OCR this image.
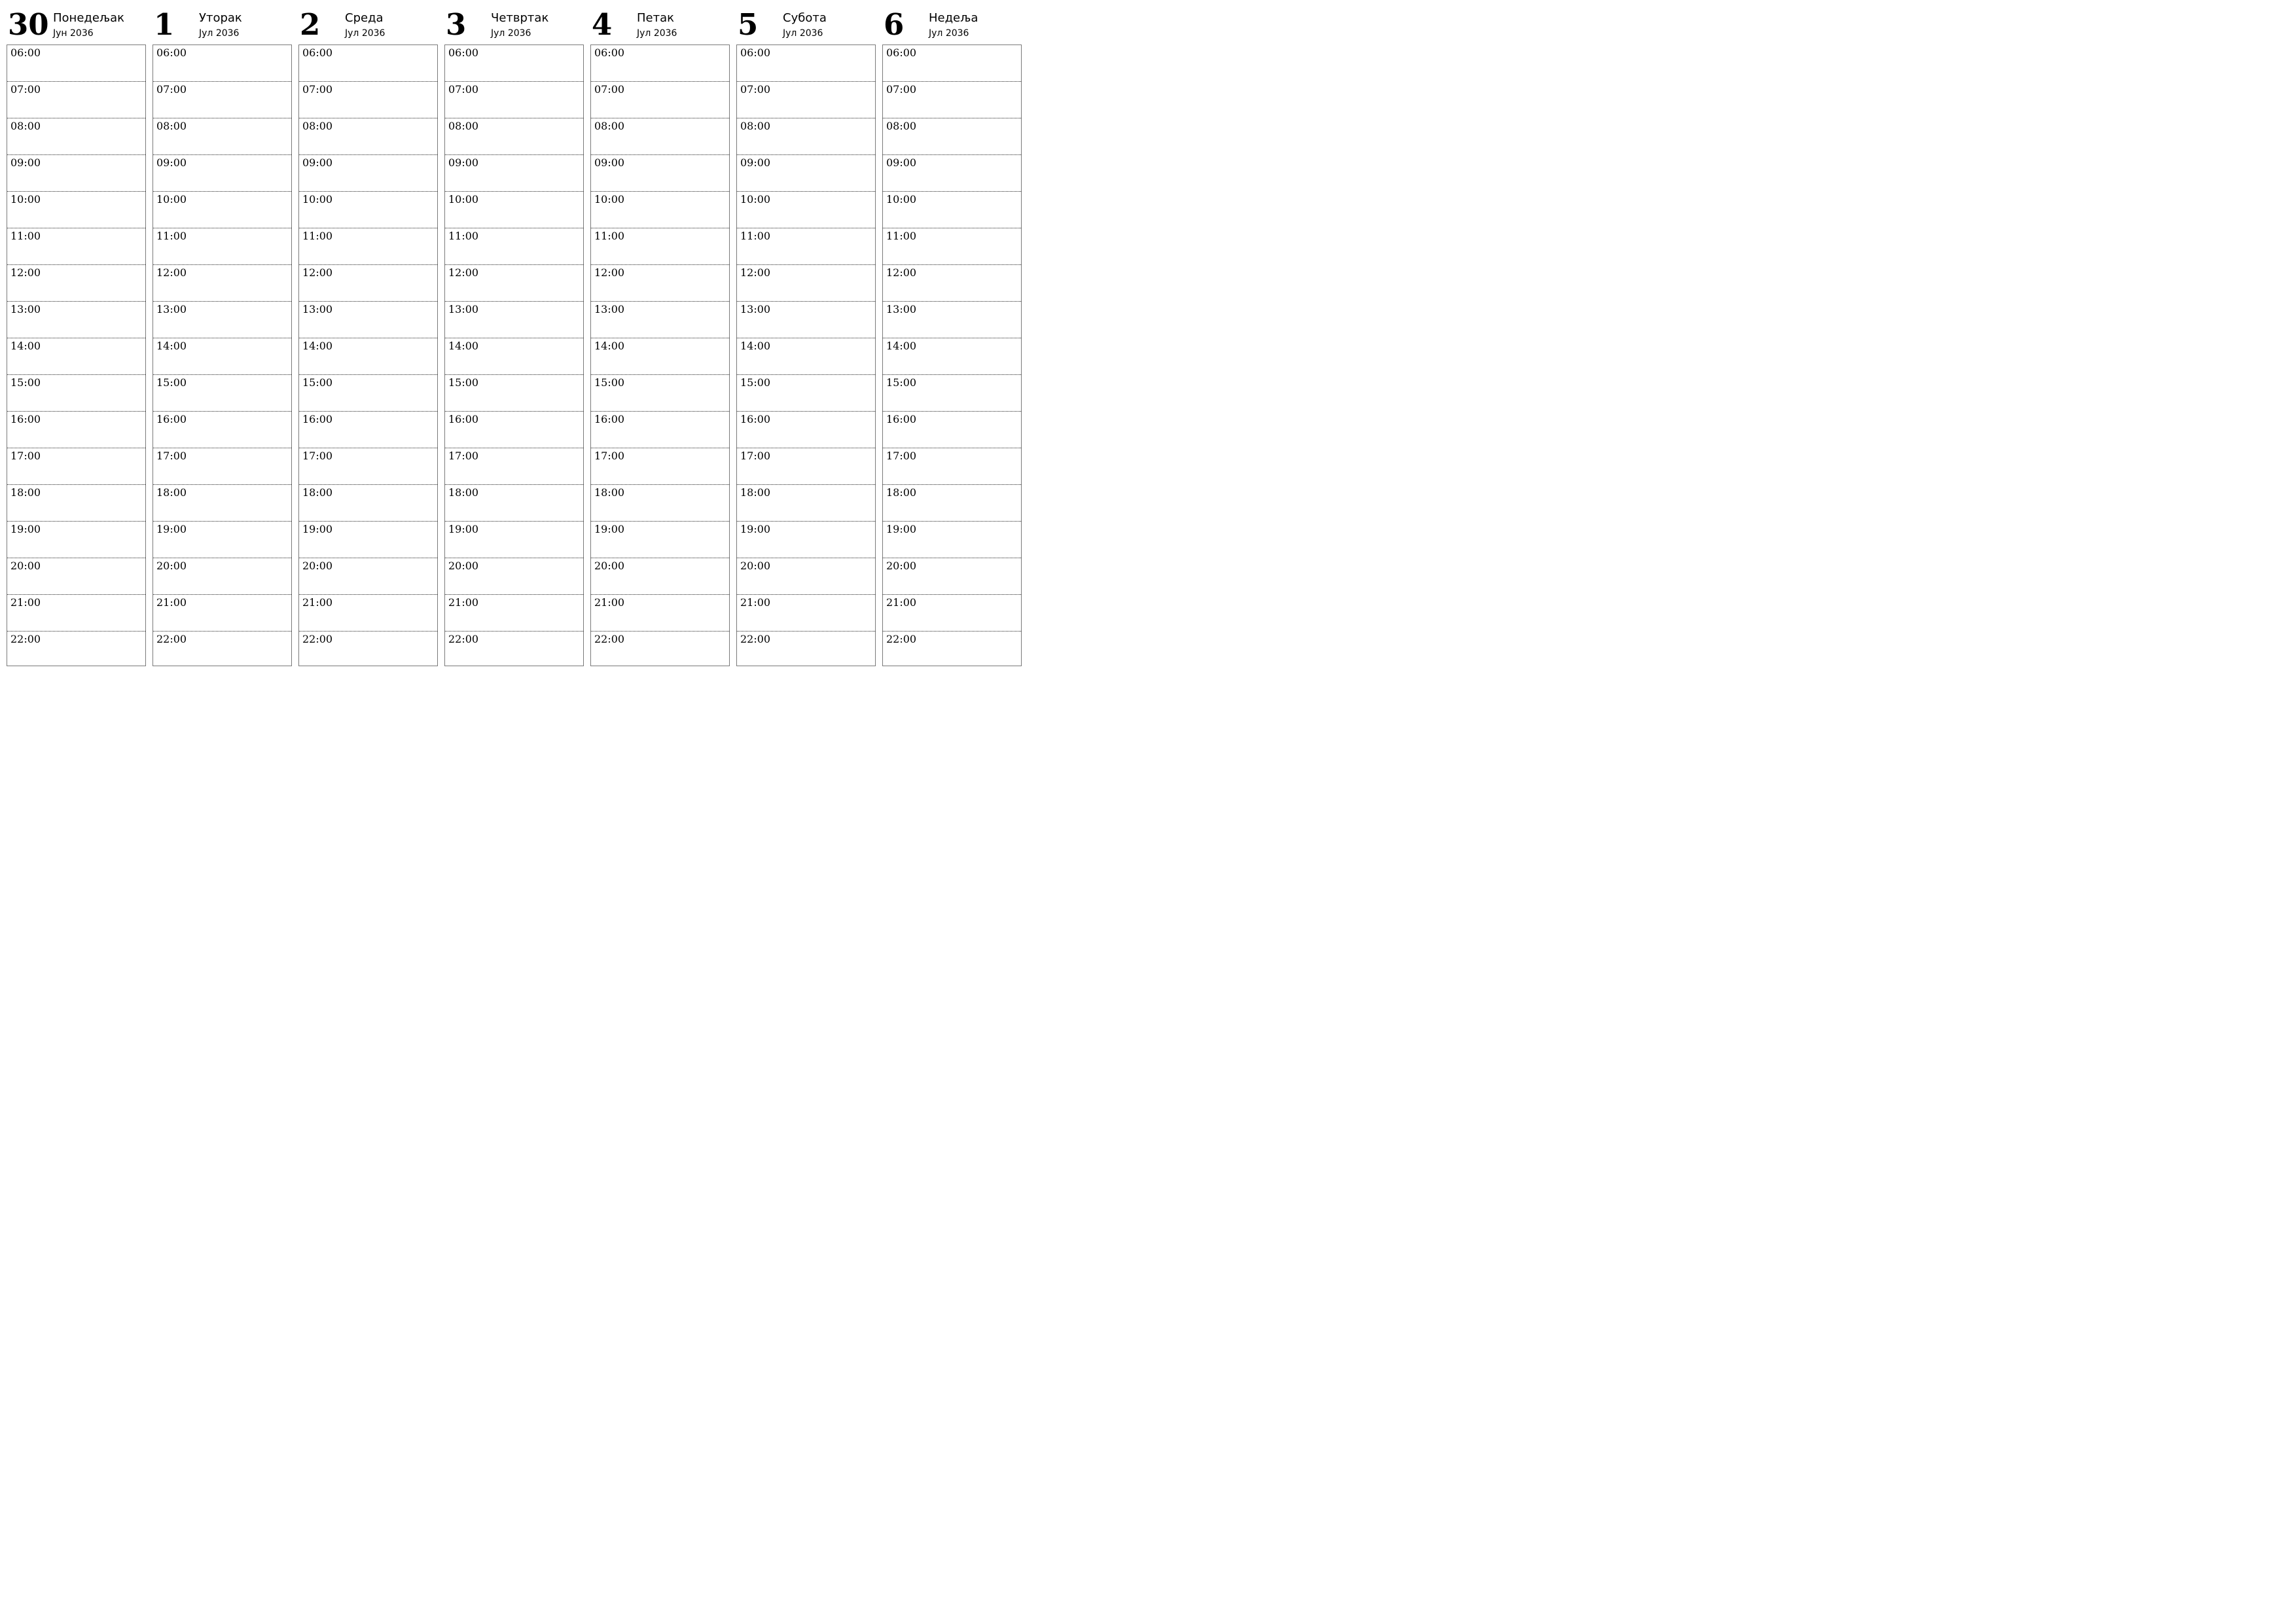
30 Понедељак
Јун 2036
06:00
07:00
08:00
09:00
10:00
11:00
12:00
13:00
14:00
15:00
16:00
17:00
18:00
19:00
20:00
21:00
22:00
1 Уторак
Јул 2036
06:00
07:00
08:00
09:00
10:00
11:00
12:00
13:00
14:00
15:00
16:00
17:00
18:00
19:00
20:00
21:00
22:00
2 Среда
Јул 2036
06:00
07:00
08:00
09:00
10:00
11:00
12:00
13:00
14:00
15:00
16:00
17:00
18:00
19:00
20:00
21:00
22:00
3 Четвртак
Јул 2036
06:00
07:00
08:00
09:00
10:00
11:00
12:00
13:00
14:00
15:00
16:00
17:00
18:00
19:00
20:00
21:00
22:00
4 Петак
Јул 2036
06:00
07:00
08:00
09:00
10:00
11:00
12:00
13:00
14:00
15:00
16:00
17:00
18:00
19:00
20:00
21:00
22:00
5 Субота
Јул 2036
06:00
07:00
08:00
09:00
10:00
11:00
12:00
13:00
14:00
15:00
16:00
17:00
18:00
19:00
20:00
21:00
22:00
6 Недеља
Јул 2036
06:00
07:00
08:00
09:00
10:00
11:00
12:00
13:00
14:00
15:00
16:00
17:00
18:00
19:00
20:00
21:00
22:00
